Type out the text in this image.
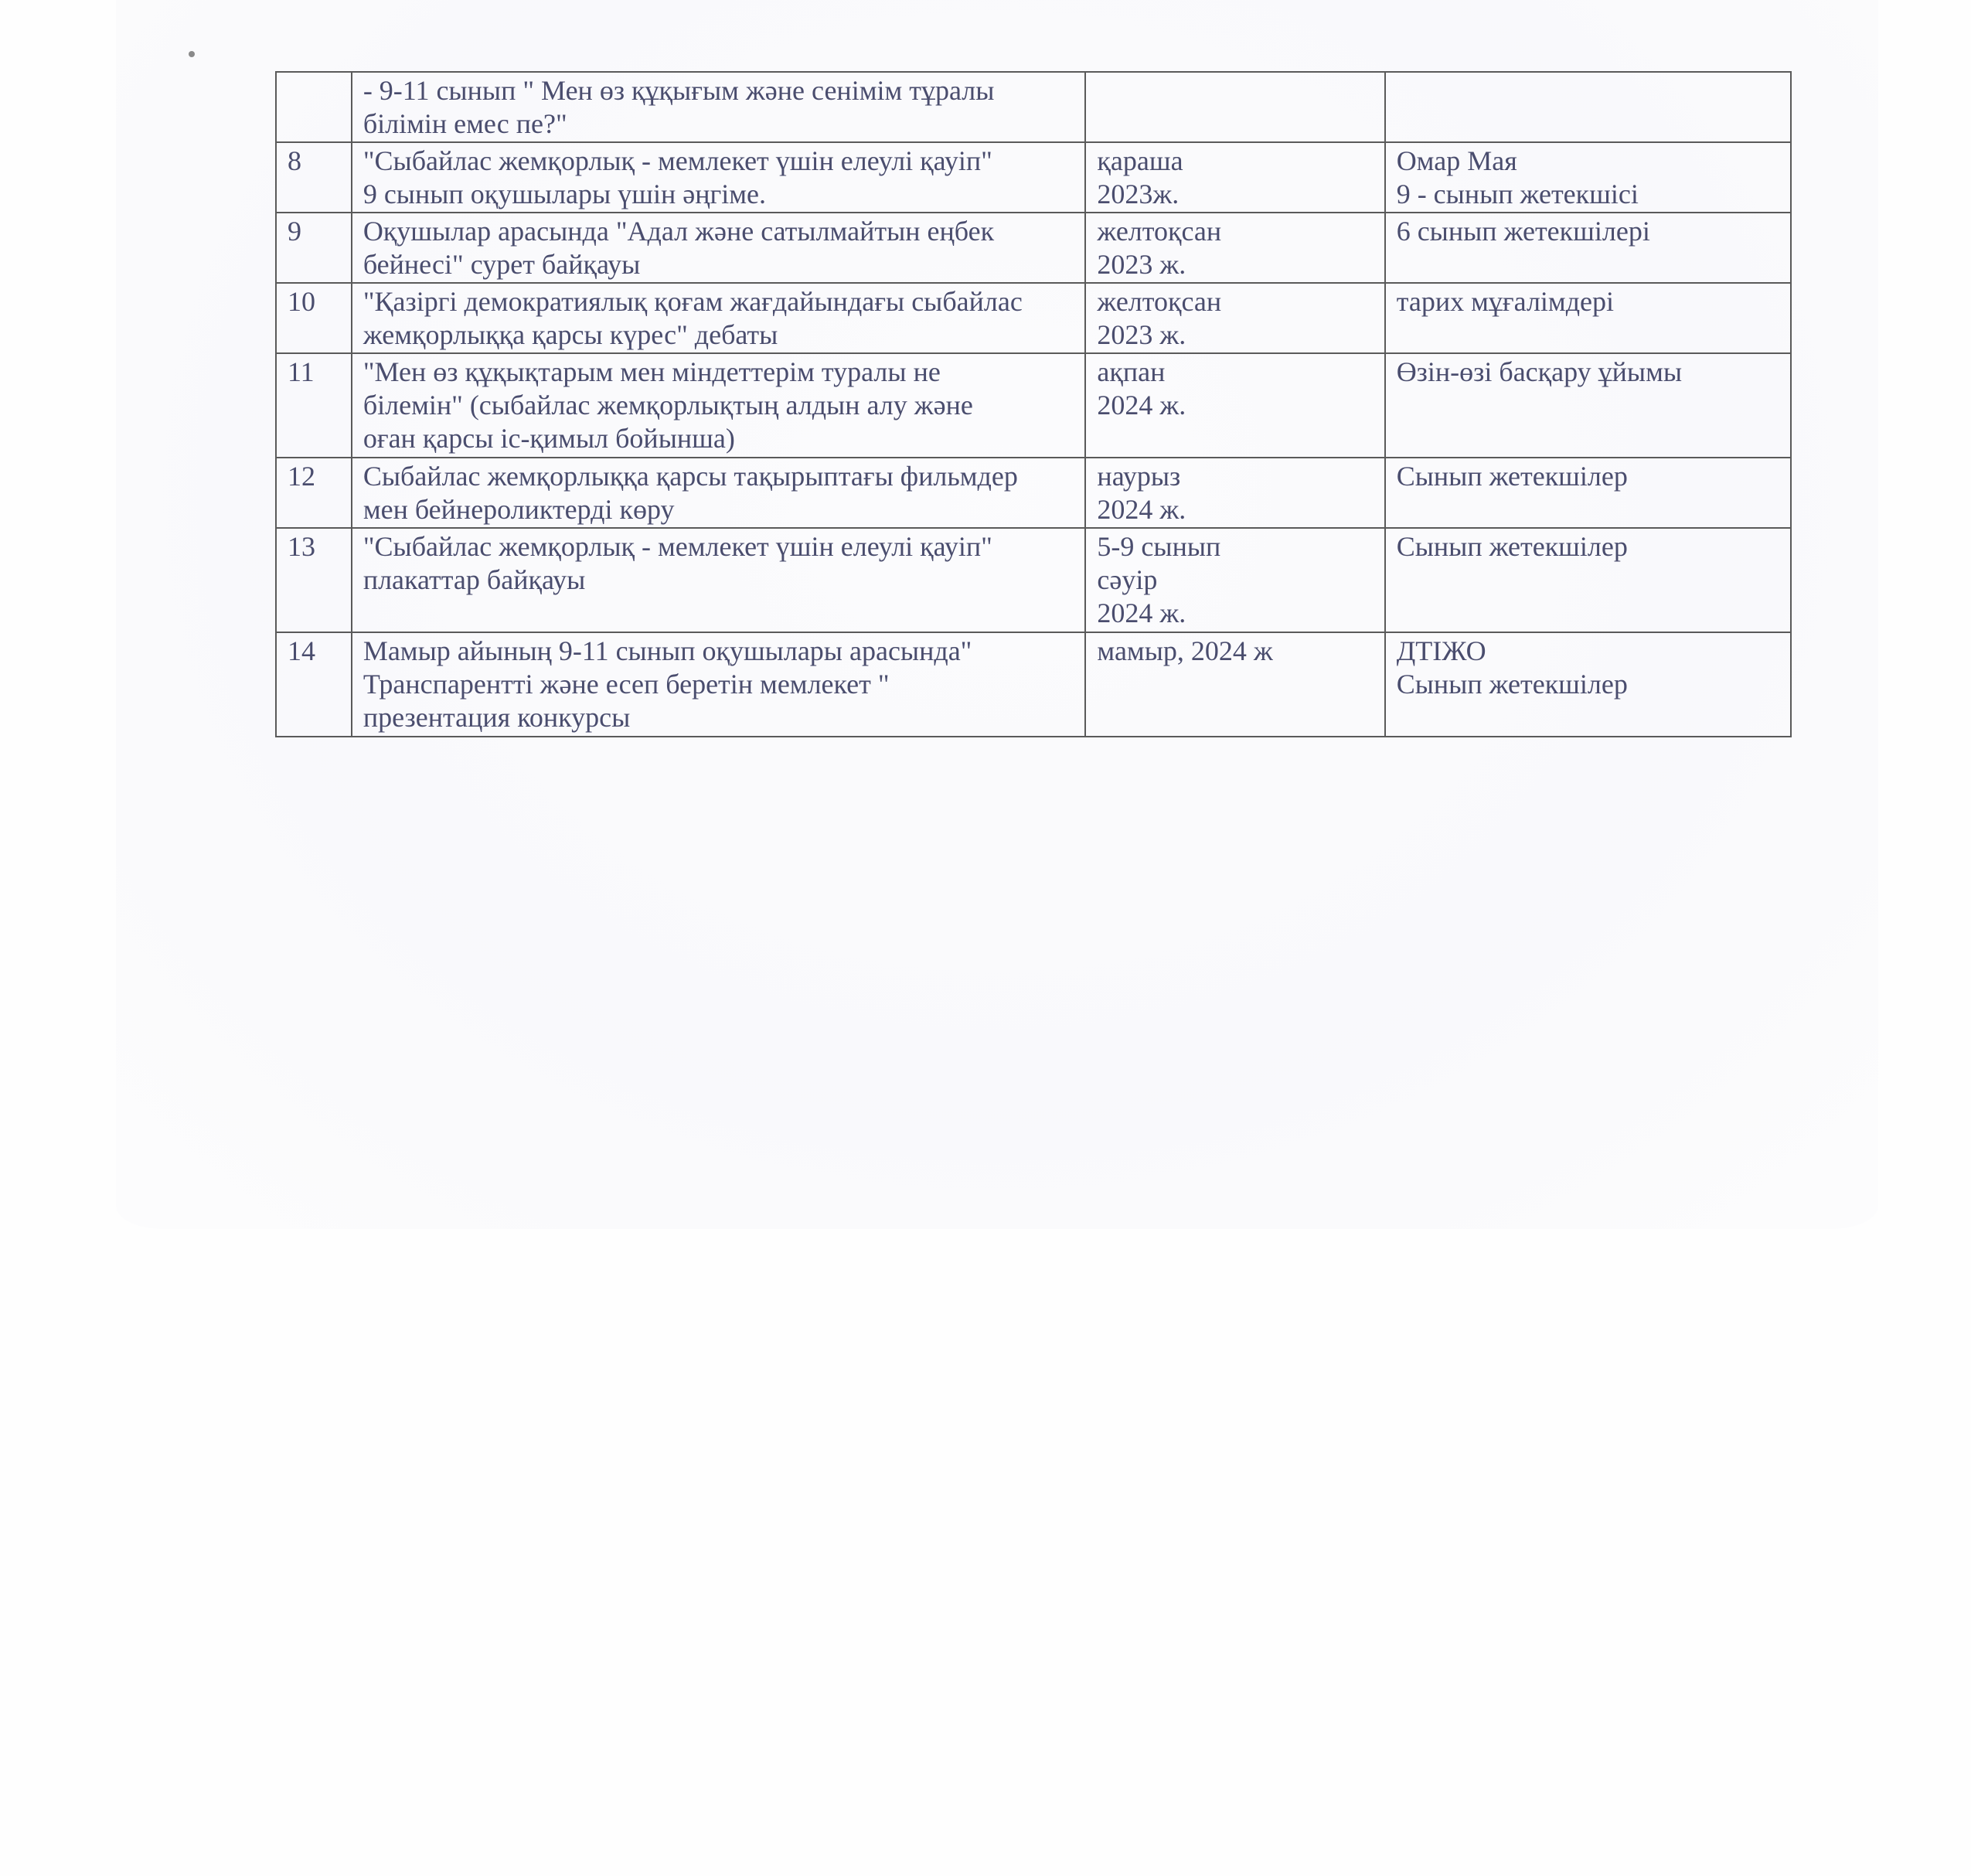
	- 9-11 сынып " Мен өз құқығым және сенімім тұралы
білімін емес пе?"		

8	"Сыбайлас жемқорлық - мемлекет үшін елеулі қауіп"
9 сынып оқушылары үшін әңгіме.	қараша
2023ж.	Омар Мая
9 - сынып жетекшісі

9	Оқушылар арасында "Адал және сатылмайтын еңбек
бейнесі" сурет байқауы	желтоқсан
2023 ж.	6 сынып жетекшілері

10	"Қазіргі демократиялық қоғам жағдайындағы сыбайлас
жемқорлыққа қарсы күрес" дебаты	желтоқсан
2023 ж.	тарих мұғалімдері

11	"Мен өз құқықтарым мен міндеттерім туралы не
білемін" (сыбайлас жемқорлықтың алдын алу және
оған қарсы іс-қимыл бойынша)	ақпан
2024 ж.	Өзін-өзі басқару ұйымы

12	Сыбайлас жемқорлыққа қарсы тақырыптағы фильмдер
мен бейнероликтерді көру	наурыз
2024 ж.	Сынып жетекшілер

13	"Сыбайлас жемқорлық - мемлекет үшін елеулі қауіп"
плакаттар байқауы	5-9 сынып
сәуір
2024 ж.	Сынып жетекшілер

14	Мамыр айының 9-11 сынып оқушылары арасында"
Транспарентті және есеп беретін мемлекет "
презентация конкурсы	мамыр, 2024 ж	ДТІЖО
Сынып жетекшілер
